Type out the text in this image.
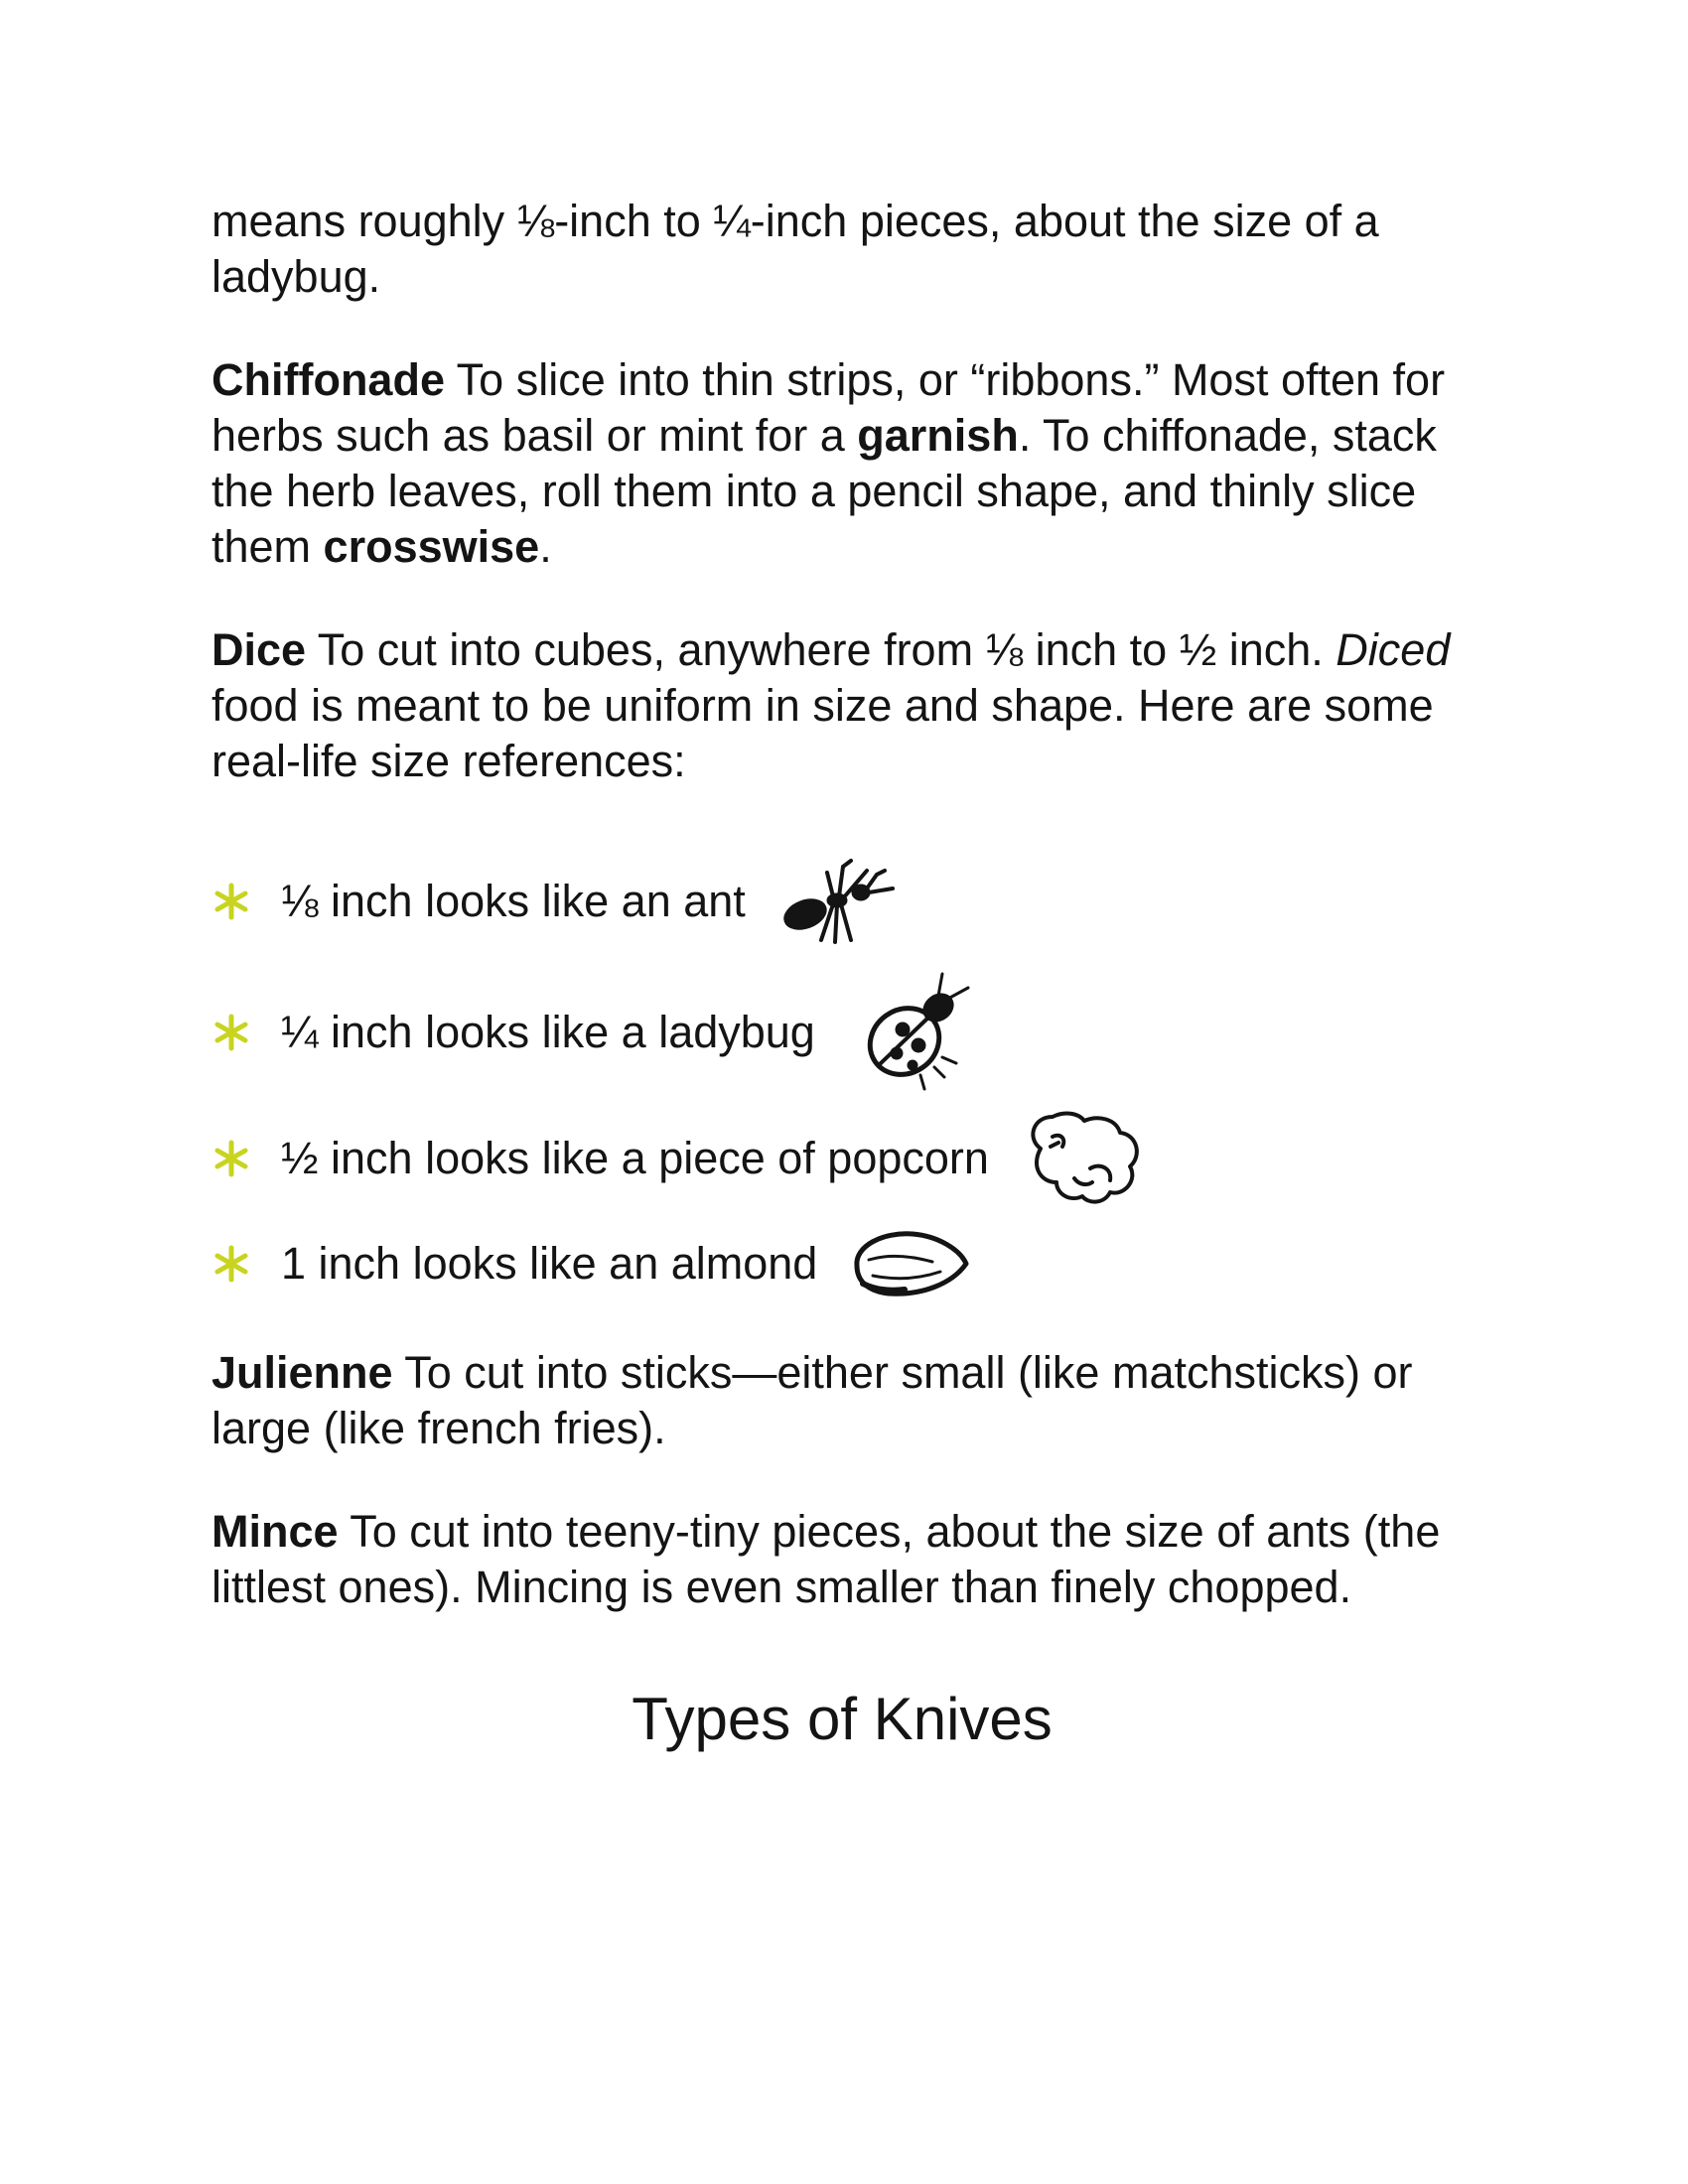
means roughly ⅛-inch to ¼-inch pieces, about the size of a ladybug.

Chiffonade To slice into thin strips, or “ribbons.” Most often for herbs such as basil or mint for a garnish. To chiffonade, stack the herb leaves, roll them into a pencil shape, and thinly slice them crosswise.

Dice To cut into cubes, anywhere from ⅛ inch to ½ inch. Diced food is meant to be uniform in size and shape. Here are some real-life size references:

⅛ inch looks like an ant
¼ inch looks like a ladybug
½ inch looks like a piece of popcorn
1 inch looks like an almond

Julienne To cut into sticks—either small (like matchsticks) or large (like french fries).

Mince To cut into teeny-tiny pieces, about the size of ants (the littlest ones). Mincing is even smaller than finely chopped.

Types of Knives
